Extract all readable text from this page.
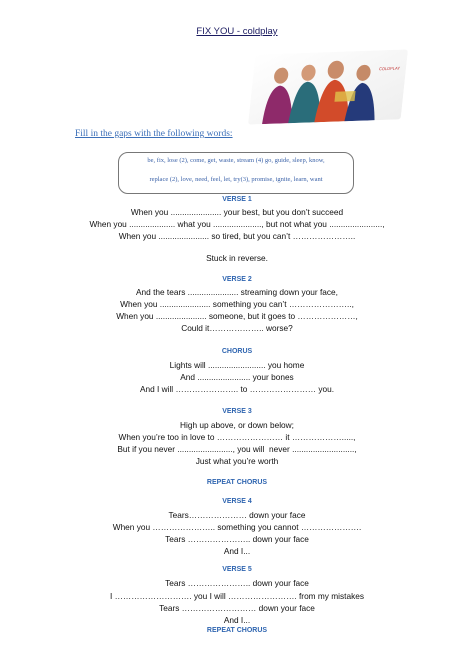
FIX YOU - coldplay
COLDPLAY
Fill in the gaps with the following words:
be, fix, lose (2), come, get, waste, stream (4) go, guide, sleep, know,
replace (2), love, need, feel, let, try(3), promise, ignite, learn, want
VERSE 1
When you ...................... your best, but you don’t succeed
When you .................... what you ....................., but not what you .......................,
When you ...................... so tired, but you can’t …………………..
Stuck in reverse.
VERSE 2
And the tears ...................... streaming down your face,
When you ...................... something you can’t …………………..,
When you ...................... someone, but it goes to …………………,
Could it……………….. worse?
CHORUS
Lights will ......................... you home
And ....................... your bones
And I will ………………….. to …………………… you.
VERSE 3
High up above, or down below;
When you’re too in love to …………………… it ……………….....,
But if you never ........................, you will  never ...........................,
Just what you’re worth
REPEAT CHORUS
VERSE 4
Tears………………… down your face
When you ………………….. something you cannot ………………….
Tears ………………….. down your face
And I...
VERSE 5
Tears ………………….. down your face
I ………………………. you I will ……………………. from my mistakes
Tears ……………………… down your face
And I...
REPEAT CHORUS
